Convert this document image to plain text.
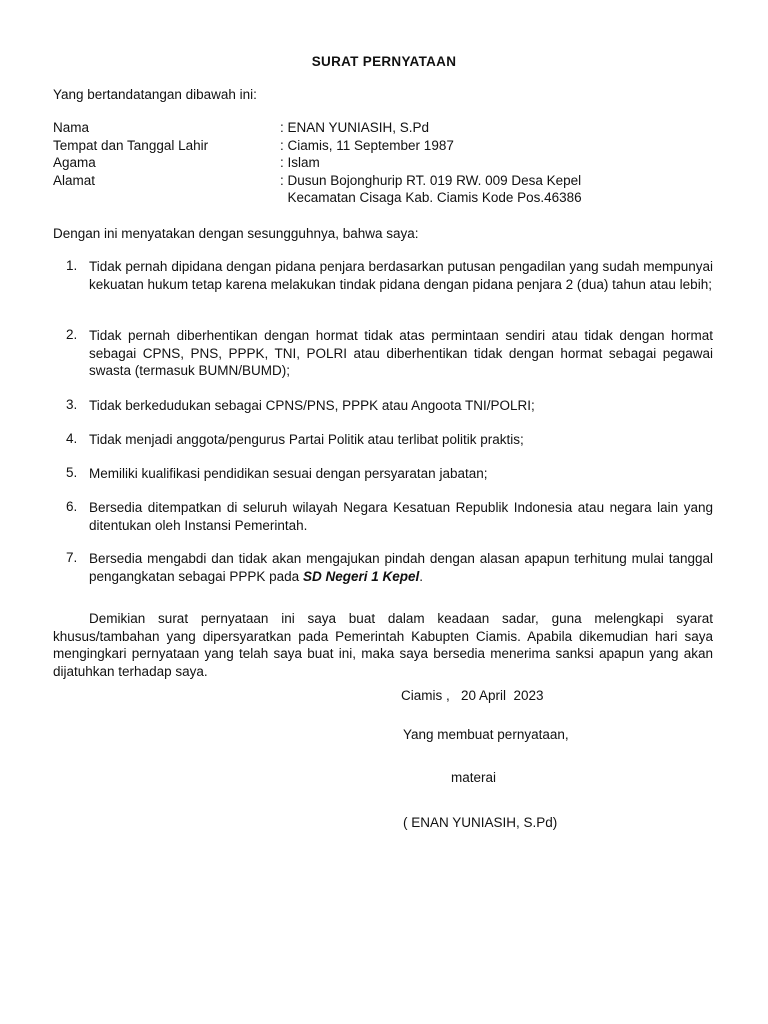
SURAT PERNYATAAN
Yang bertandatangan dibawah ini:
Nama	: ENAN YUNIASIH, S.Pd
Tempat dan Tanggal Lahir	: Ciamis, 11 September 1987
Agama	: Islam
Alamat	: Dusun Bojonghurip RT. 019 RW. 009 Desa Kepel
Kecamatan Cisaga Kab. Ciamis Kode Pos.46386
Dengan ini menyatakan dengan sesungguhnya, bahwa saya:
1. Tidak pernah dipidana dengan pidana penjara berdasarkan putusan pengadilan yang sudah mempunyai kekuatan hukum tetap karena melakukan tindak pidana dengan pidana penjara 2 (dua) tahun atau lebih;
2. Tidak pernah diberhentikan dengan hormat tidak atas permintaan sendiri atau tidak dengan hormat sebagai CPNS, PNS, PPPK, TNI, POLRI atau diberhentikan tidak dengan hormat sebagai pegawai swasta (termasuk BUMN/BUMD);
3. Tidak berkedudukan sebagai CPNS/PNS, PPPK atau Angoota TNI/POLRI;
4. Tidak menjadi anggota/pengurus Partai Politik atau terlibat politik praktis;
5. Memiliki kualifikasi pendidikan sesuai dengan persyaratan jabatan;
6. Bersedia ditempatkan di seluruh wilayah Negara Kesatuan Republik Indonesia atau negara lain yang ditentukan oleh Instansi Pemerintah.
7. Bersedia mengabdi dan tidak akan mengajukan pindah dengan alasan apapun terhitung mulai tanggal pengangkatan sebagai PPPK pada SD Negeri 1 Kepel.
Demikian surat pernyataan ini saya buat dalam keadaan sadar, guna melengkapi syarat khusus/tambahan yang dipersyaratkan pada Pemerintah Kabupten Ciamis. Apabila dikemudian hari saya mengingkari pernyataan yang telah saya buat ini, maka saya bersedia menerima sanksi apapun yang akan dijatuhkan terhadap saya.
Ciamis ,   20 April  2023
Yang membuat pernyataan,
materai
( ENAN YUNIASIH, S.Pd)
